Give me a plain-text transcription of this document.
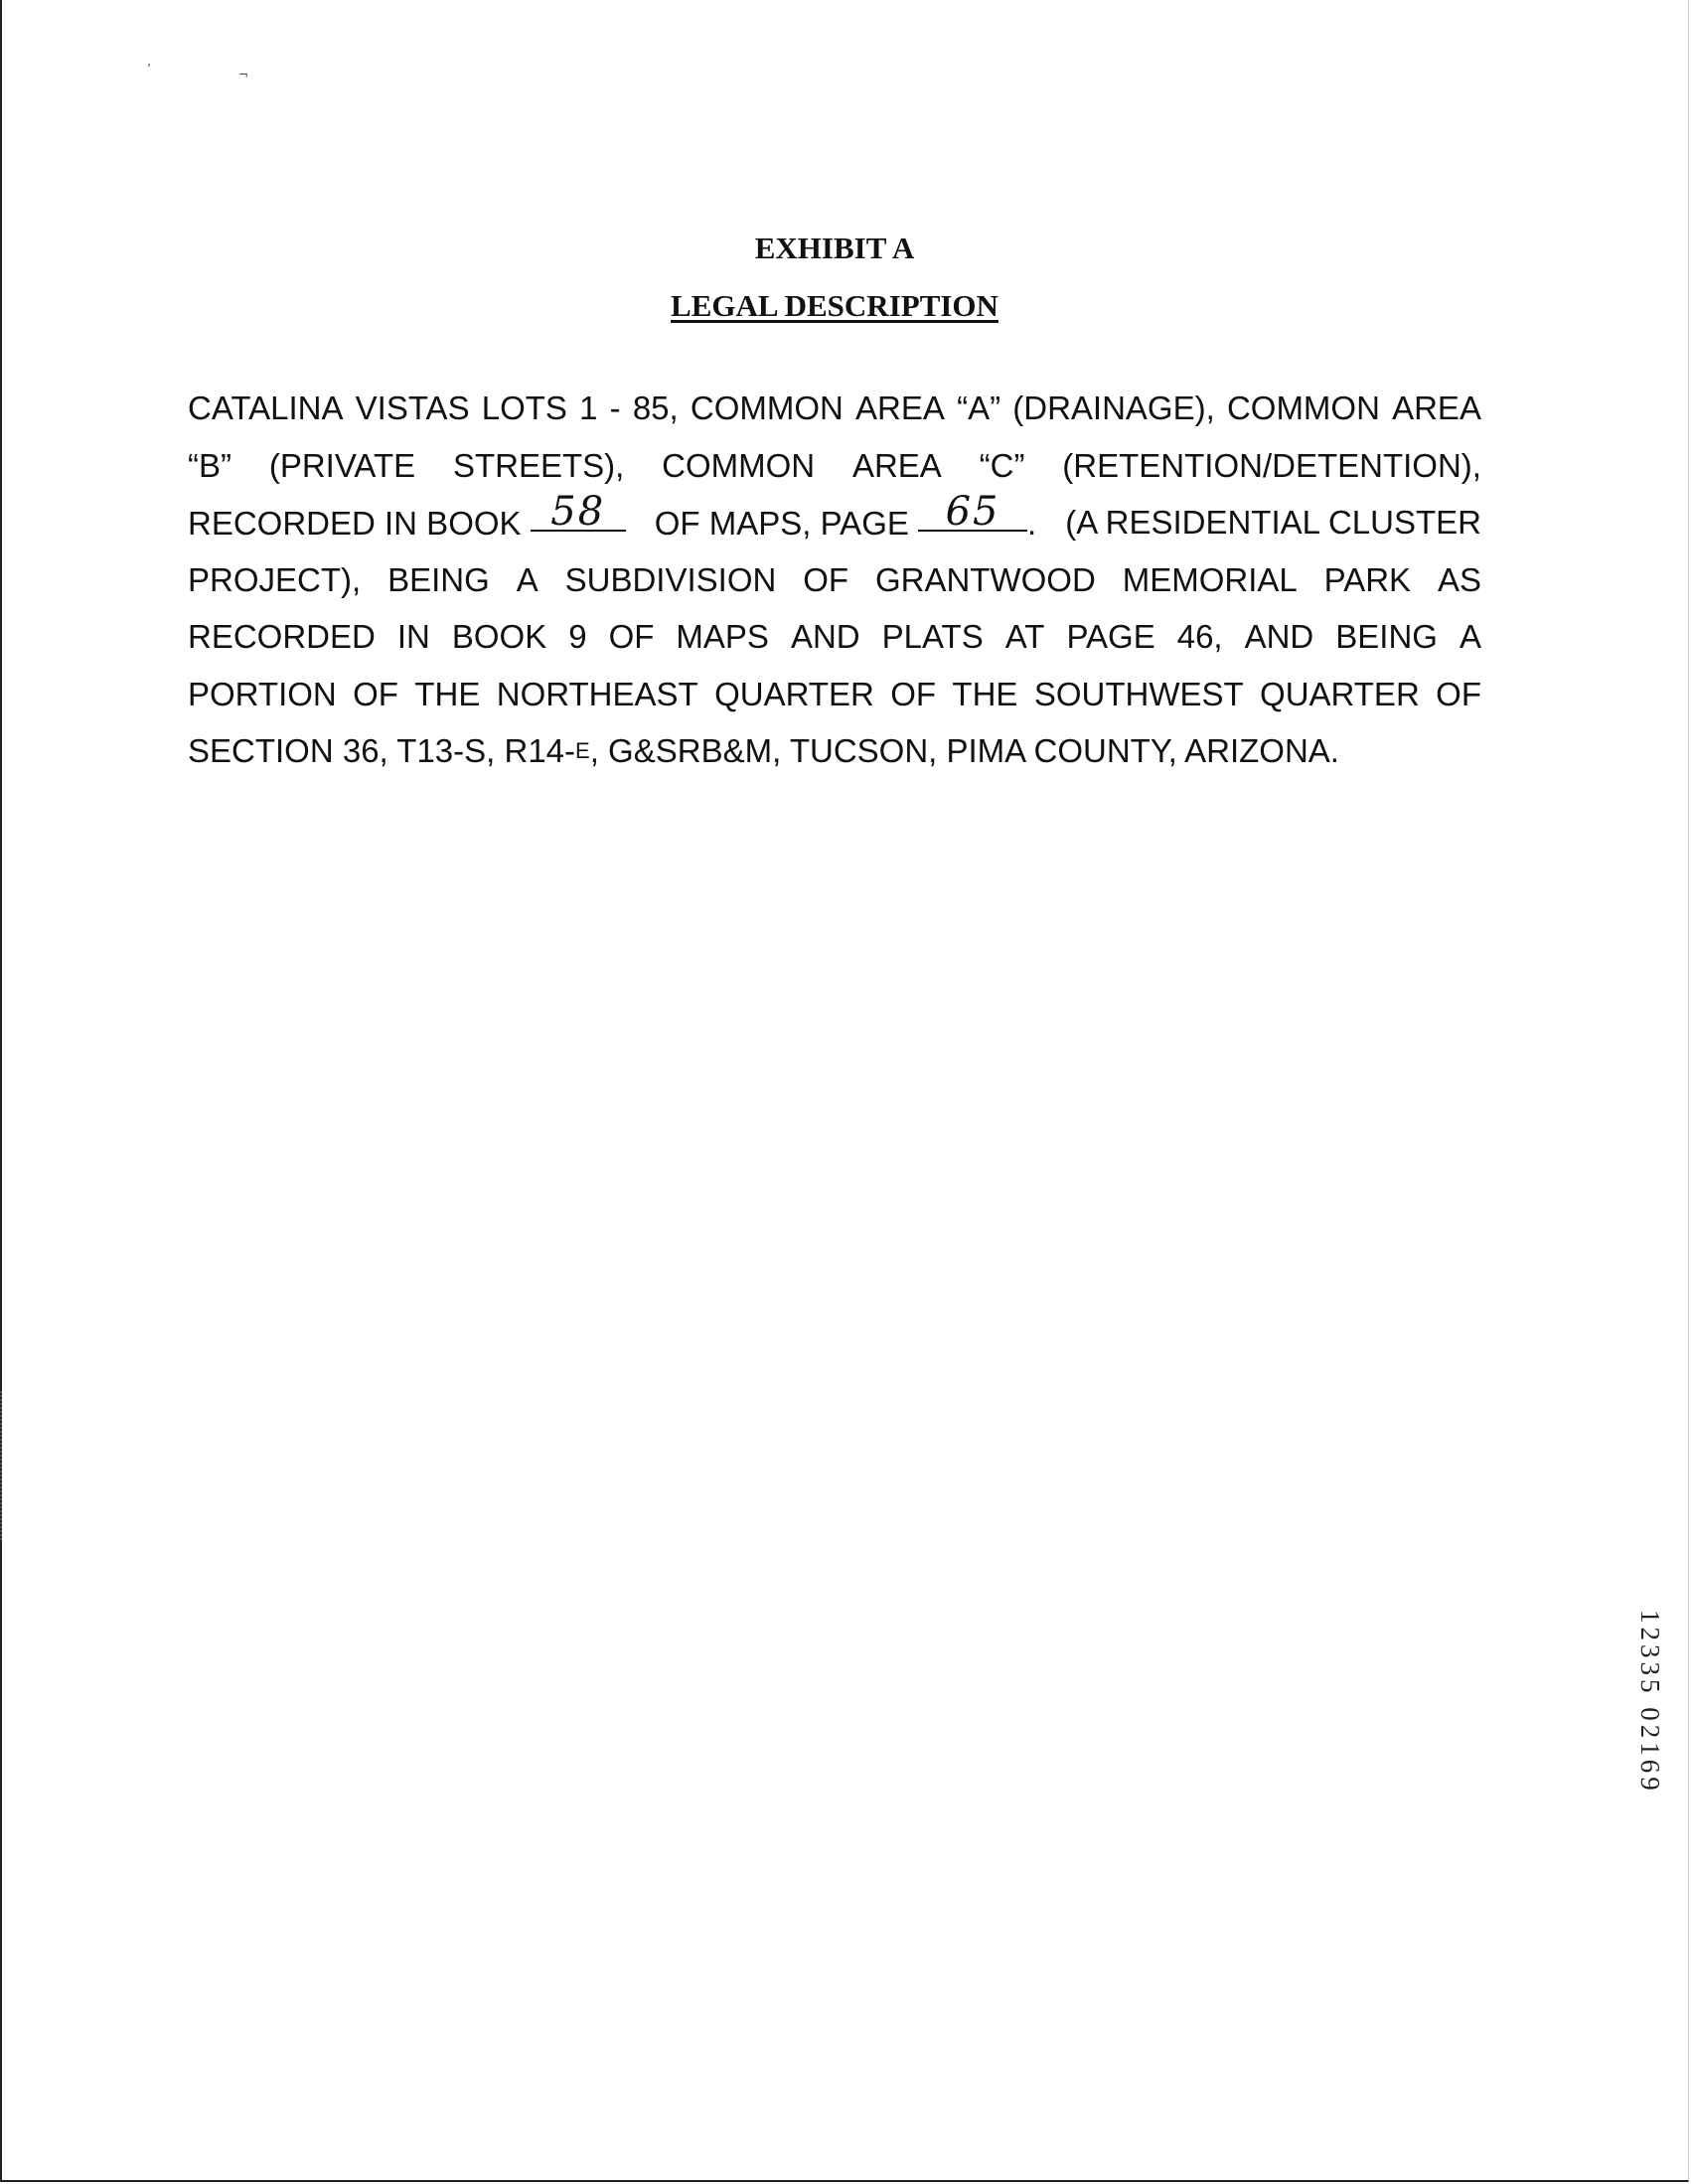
ʼ	¬
EXHIBIT A
LEGAL DESCRIPTION
CATALINA VISTAS LOTS 1 - 85, COMMON AREA “A” (DRAINAGE), COMMON AREA
“B” (PRIVATE STREETS), COMMON AREA “C” (RETENTION/DETENTION),
RECORDED IN BOOK 58	OF MAPS, PAGE 65 . (A RESIDENTIAL CLUSTER
PROJECT), BEING A SUBDIVISION OF GRANTWOOD MEMORIAL PARK AS
RECORDED IN BOOK 9 OF MAPS AND PLATS AT PAGE 46, AND BEING A
PORTION OF THE NORTHEAST QUARTER OF THE SOUTHWEST QUARTER OF
SECTION 36, T13-S, R14- E , G&SRB&M, TUCSON, PIMA COUNTY, ARIZONA.
12335 02169
